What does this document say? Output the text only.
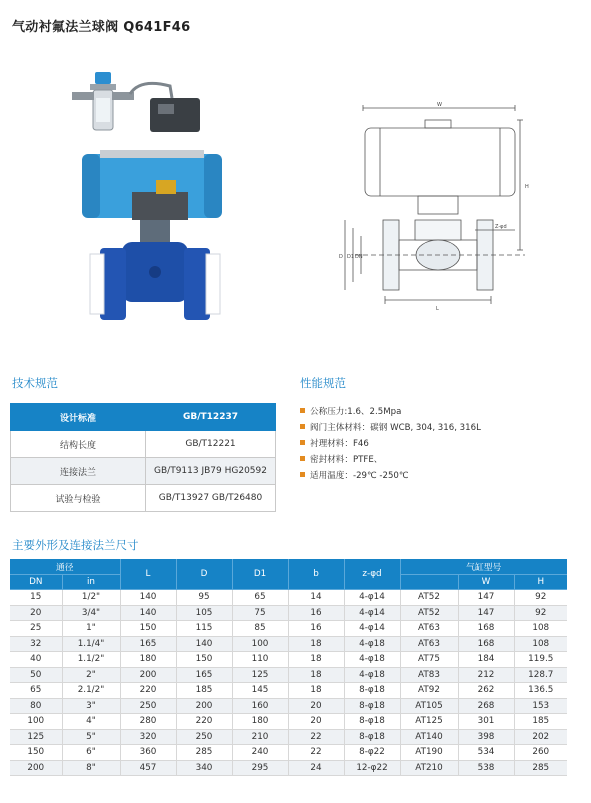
气动衬氟法兰球阀 Q641F46
W
H
L
Z-φd
D D1 DN
技术规范	性能规范
设计标准	GB/T12237
结构长度	GB/T12221
连接法兰	GB/T9113 JB79 HG20592
试验与检验	GB/T13927 GB/T26480
公称压力:1.6、2.5Mpa
阀门主体材料：碳钢 WCB, 304, 316, 316L
衬理材料：F46
密封材料：PTFE、
适用温度：-29℃ -250℃
主要外形及连接法兰尺寸
通径		L	D	D1	b	z-φd	气缸型号		
DN	in							W	H
15	1/2"	140	95	65	14	4-φ14	AT52	147	92
20	3/4"	140	105	75	16	4-φ14	AT52	147	92
25	1"	150	115	85	16	4-φ14	AT63	168	108
32	1.1/4"	165	140	100	18	4-φ18	AT63	168	108
40	1.1/2"	180	150	110	18	4-φ18	AT75	184	119.5
50	2"	200	165	125	18	4-φ18	AT83	212	128.7
65	2.1/2"	220	185	145	18	8-φ18	AT92	262	136.5
80	3"	250	200	160	20	8-φ18	AT105	268	153
100	4"	280	220	180	20	8-φ18	AT125	301	185
125	5"	320	250	210	22	8-φ18	AT140	398	202
150	6"	360	285	240	22	8-φ22	AT190	534	260
200	8"	457	340	295	24	12-φ22	AT210	538	285
